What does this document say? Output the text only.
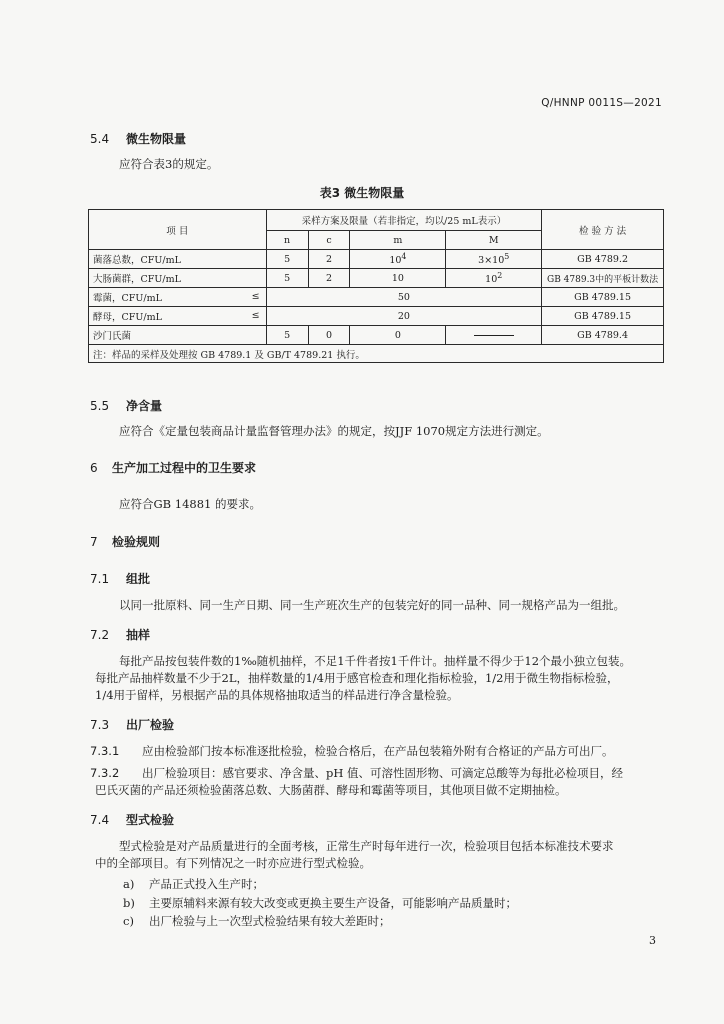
Q/HNNP 0011S—2021
5.4 微生物限量
应符合表3的规定。
表3 微生物限量
项 目	采样方案及限量（若非指定，均以/25 mL表示）				检 验 方 法
	n	c	m	M	
菌落总数，CFU/mL	5	2	$10^4$	$3\times 10^5$	GB 4789.2
大肠菌群，CFU/mL	5	2	10	$10^2$	GB 4789.3中的平板计数法
霉菌，CFU/mL ≤	50				GB 4789.15
酵母，CFU/mL ≤	20				GB 4789.15
沙门氏菌	5	0	0		GB 4789.4
注：样品的采样及处理按 GB 4789.1 及 GB/T 4789.21 执行。					
5.5 净含量
应符合《定量包装商品计量监督管理办法》的规定，按JJF 1070规定方法进行测定。
6 生产加工过程中的卫生要求
应符合GB 14881 的要求。
7 检验规则
7.1 组批
以同一批原料、同一生产日期、同一生产班次生产的包装完好的同一品种、同一规格产品为一组批。
7.2 抽样
每批产品按包装件数的1‰随机抽样，不足1千件者按1千件计。抽样量不得少于12个最小独立包装。
每批产品抽样数量不少于2L，抽样数量的1/4用于感官检查和理化指标检验，1/2用于微生物指标检验，
1/4用于留样，另根据产品的具体规格抽取适当的样品进行净含量检验。
7.3 出厂检验
7.3.1 应由检验部门按本标准逐批检验，检验合格后，在产品包装箱外附有合格证的产品方可出厂。
7.3.2 出厂检验项目：感官要求、净含量、pH 值、可溶性固形物、可滴定总酸等为每批必检项目，经
巴氏灭菌的产品还须检验菌落总数、大肠菌群、酵母和霉菌等项目，其他项目做不定期抽检。
7.4 型式检验
型式检验是对产品质量进行的全面考核，正常生产时每年进行一次，检验项目包括本标准技术要求
中的全部项目。有下列情况之一时亦应进行型式检验。
a) 产品正式投入生产时；
b) 主要原辅料来源有较大改变或更换主要生产设备，可能影响产品质量时；
c) 出厂检验与上一次型式检验结果有较大差距时；
3
